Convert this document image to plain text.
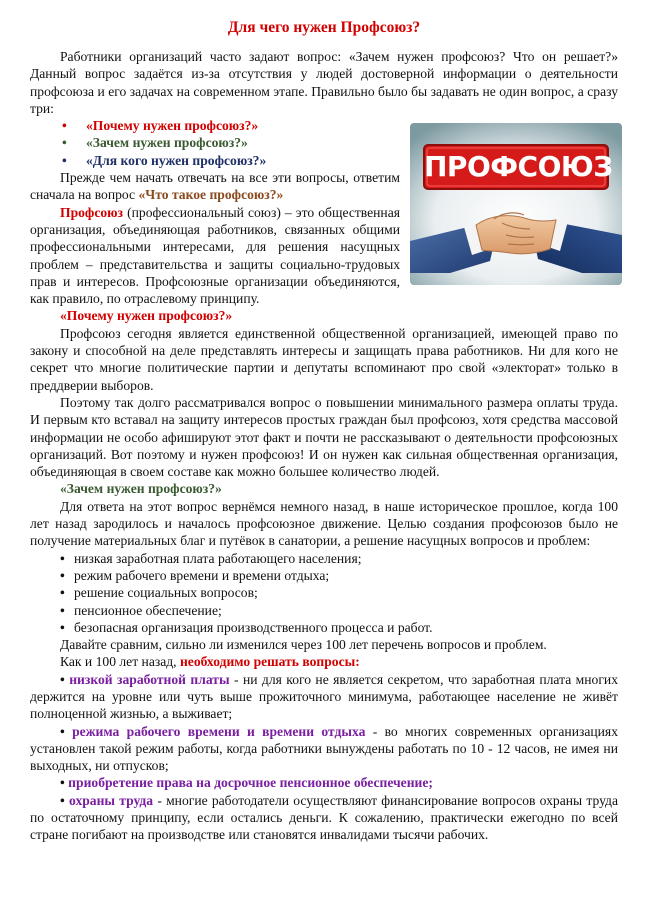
Для чего нужен Профсоюз?

Работники организаций часто задают вопрос: «Зачем нужен профсоюз? Что он решает?» Данный вопрос задаётся из-за отсутствия у людей достоверной информации о деятельности профсоюза и его задачах на современном этапе. Правильно было бы задавать не один вопрос, а сразу три:

ПРОФСОЮЗ
• «Почему нужен профсоюз?»
• «Зачем нужен профсоюз?»
• «Для кого нужен профсоюз?»

Прежде чем начать отвечать на все эти вопросы, ответим сначала на вопрос «Что такое профсоюз?»

Профсоюз (профессиональный союз) – это общественная организация, объединяющая работников, связанных общими профессиональными интересами, для решения насущных проблем – представительства и защиты социально-трудовых прав и интересов. Профсоюзные организации объединяются, как правило, по отраслевому принципу.

«Почему нужен профсоюз?»

Профсоюз сегодня является единственной общественной организацией, имеющей право по закону и способной на деле представлять интересы и защищать права работников. Ни для кого не секрет что многие политические партии и депутаты вспоминают про свой «электорат» только в преддверии выборов.

Поэтому так долго рассматривался вопрос о повышении минимального размера оплаты труда. И первым кто вставал на защиту интересов простых граждан был профсоюз, хотя средства массовой информации не особо афишируют этот факт и почти не рассказывают о деятельности профсоюзных организаций. Вот поэтому и нужен профсоюз! И он нужен как сильная общественная организация, объединяющая в своем составе как можно большее количество людей.

«Зачем нужен профсоюз?»

Для ответа на этот вопрос вернёмся немного назад, в наше историческое прошлое, когда 100 лет назад зародилось и началось профсоюзное движение. Целью создания профсоюзов было не получение материальных благ и путёвок в санатории, а решение насущных вопросов и проблем:

• низкая заработная плата работающего населения;
• режим рабочего времени и времени отдыха;
• решение социальных вопросов;
• пенсионное обеспечение;
• безопасная организация производственного процесса и работ.

Давайте сравним, сильно ли изменился через 100 лет перечень вопросов и проблем.

Как и 100 лет назад, необходимо решать вопросы:

• низкой заработной платы - ни для кого не является секретом, что заработная плата многих держится на уровне или чуть выше прожиточного минимума, работающее население не живёт полноценной жизнью, а выживает;
• режима рабочего времени и времени отдыха - во многих современных организациях установлен такой режим работы, когда работники вынуждены работать по 10 - 12 часов, не имея ни выходных, ни отпусков;
• приобретение права на досрочное пенсионное обеспечение;
• охраны труда - многие работодатели осуществляют финансирование вопросов охраны труда по остаточному принципу, если остались деньги. К сожалению, практически ежегодно по всей стране погибают на производстве или становятся инвалидами тысячи рабочих.
